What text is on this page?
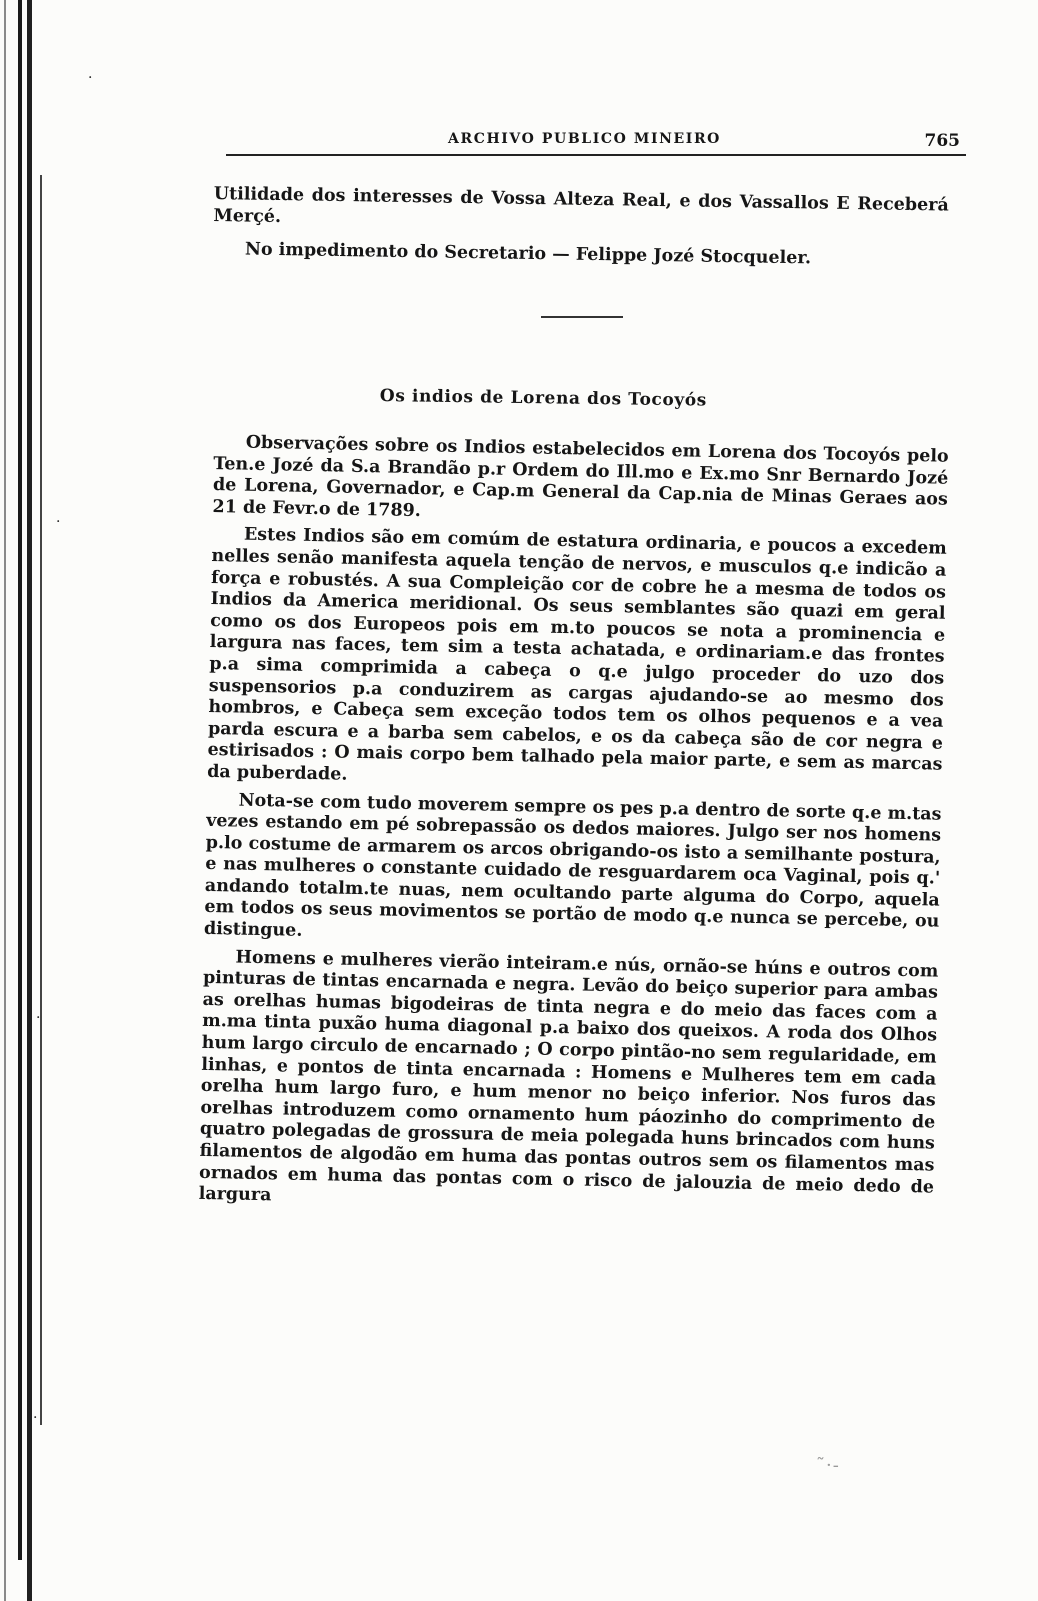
·
·
·
·
ARCHIVO PUBLICO MINEIRO	765

Utilidade dos interesses de Vossa Alteza Real, e dos Vassallos E Receberá Merçé.

No impedimento do Secretario — Felippe Jozé Stocqueler.

Os indios de Lorena dos Tocoyós

Observações sobre os Indios estabelecidos em Lorena dos Tocoyós pelo Ten.e Jozé da S.a Brandão p.r Ordem do Ill.mo e Ex.mo Snr Bernardo Jozé de Lorena, Governador, e Cap.m General da Cap.nia de Minas Geraes aos 21 de Fevr.o de 1789.

Estes Indios são em comúm de estatura ordinaria, e poucos a excedem nelles senão manifesta aquela tenção de nervos, e musculos q.e indicão a força e robustés. A sua Compleição cor de cobre he a mesma de todos os Indios da America meridional. Os seus semblantes são quazi em geral como os dos Europeos pois em m.to poucos se nota a prominencia e largura nas faces, tem sim a testa achatada, e ordinariam.e das frontes p.a sima comprimida a cabeça o q.e julgo proceder do uzo dos suspensorios p.a conduzirem as cargas ajudando-se ao mesmo dos hombros, e Cabeça sem exceção todos tem os olhos pequenos e a vea parda escura e a barba sem cabelos, e os da cabeça são de cor negra e estirisados : O mais corpo bem talhado pela maior parte, e sem as marcas da puberdade.

Nota-se com tudo moverem sempre os pes p.a dentro de sorte q.e m.tas vezes estando em pé sobrepassão os dedos maiores. Julgo ser nos homens p.lo costume de armarem os arcos obrigando-os isto a semilhante postura, e nas mulheres o constante cuidado de resguardarem oca Vaginal, pois q.' andando totalm.te nuas, nem ocultando parte alguma do Corpo, aquela em todos os seus movimentos se portão de modo q.e nunca se percebe, ou distingue.

Homens e mulheres vierão inteiram.e nús, ornão-se húns e outros com pinturas de tintas encarnada e negra. Levão do beiço superior para ambas as orelhas humas bigodeiras de tinta negra e do meio das faces com a m.ma tinta puxão huma diagonal p.a baixo dos queixos. A roda dos Olhos hum largo circulo de encarnado ; O corpo pintão-no sem regularidade, em linhas, e pontos de tinta encarnada : Homens e Mulheres tem em cada orelha hum largo furo, e hum menor no beiço inferior. Nos furos das orelhas introduzem como ornamento hum páozinho do comprimento de quatro polegadas de grossura de meia polegada huns brincados com huns filamentos de algodão em huma das pontas outros sem os filamentos mas ornados em huma das pontas com o risco de jalouzia de meio dedo de largura

˜·‐
